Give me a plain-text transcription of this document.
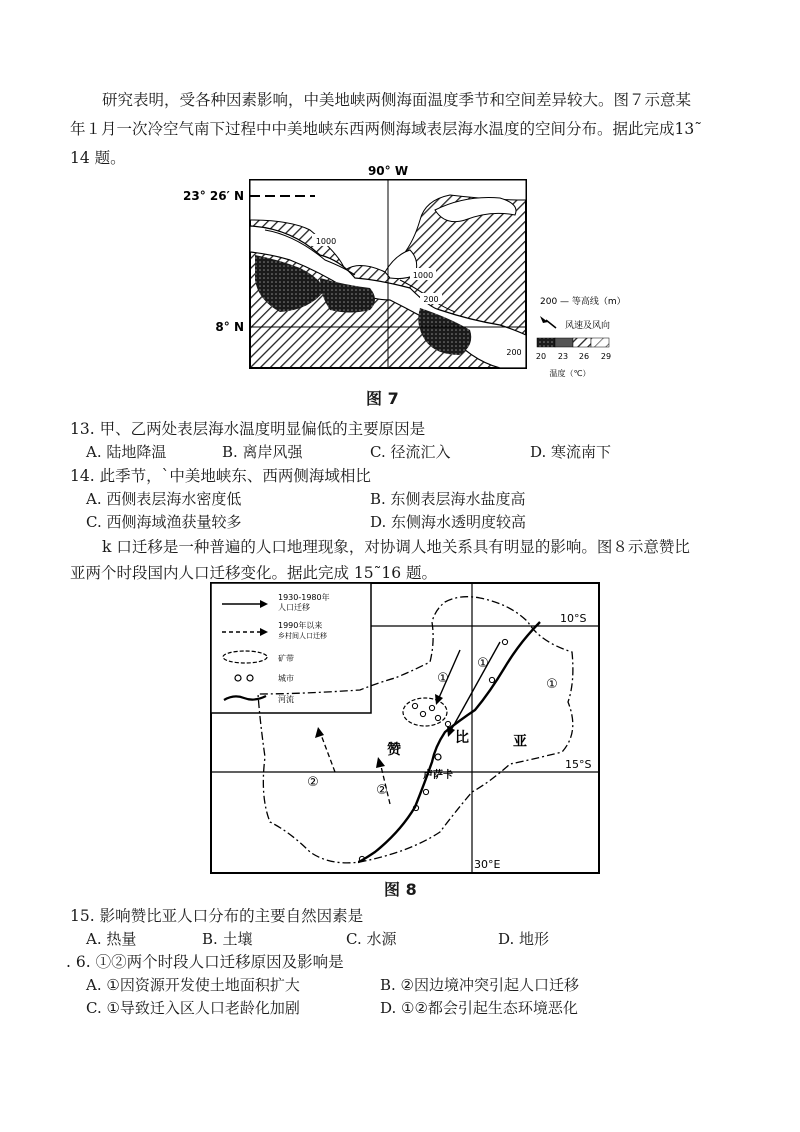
研究表明，受各种因素影响，中美地峡两侧海面温度季节和空间差异较大。图７示意某
年１月一次冷空气南下过程中中美地峡东西两侧海域表层海水温度的空间分布。据此完成13˜
14 题。
90° W
23° 26′ N
8° N
1000
1000
200
200
200 — 等高线（m）
风速及风向
20 23 26 29
温度（℃）
图 7
13. 甲、乙两处表层海水温度明显偏低的主要原因是
A. 陆地降温	B. 离岸风强	C. 径流汇入	D. 寒流南下
14. 此季节，`中美地峡东、西两侧海域相比
A. 西侧表层海水密度低	B. 东侧表层海水盐度高
C. 西侧海域渔获量较多	D. 东侧海水透明度较高
k 口迁移是一种普遍的人口地理现象，对协调人地关系具有明显的影响。图８示意赞比
亚两个时段国内人口迁移变化。据此完成 15˜16 题。
1930-1980年
人口迁移
1990年以来
乡村间人口迁移
矿带
城市
河流
①
①	①
②
②
赞
比	亚
卢萨卡
10°S
15°S
30°E
图 8
15. 影响赞比亚人口分布的主要自然因素是
A. 热量	B. 土壤	C. 水源	D. 地形
. 6. ①②两个时段人口迁移原因及影响是
A. ①因资源开发使土地面积扩大	B. ②因边境冲突引起人口迁移
C. ①导致迁入区人口老龄化加剧	D. ①②都会引起生态环境恶化
